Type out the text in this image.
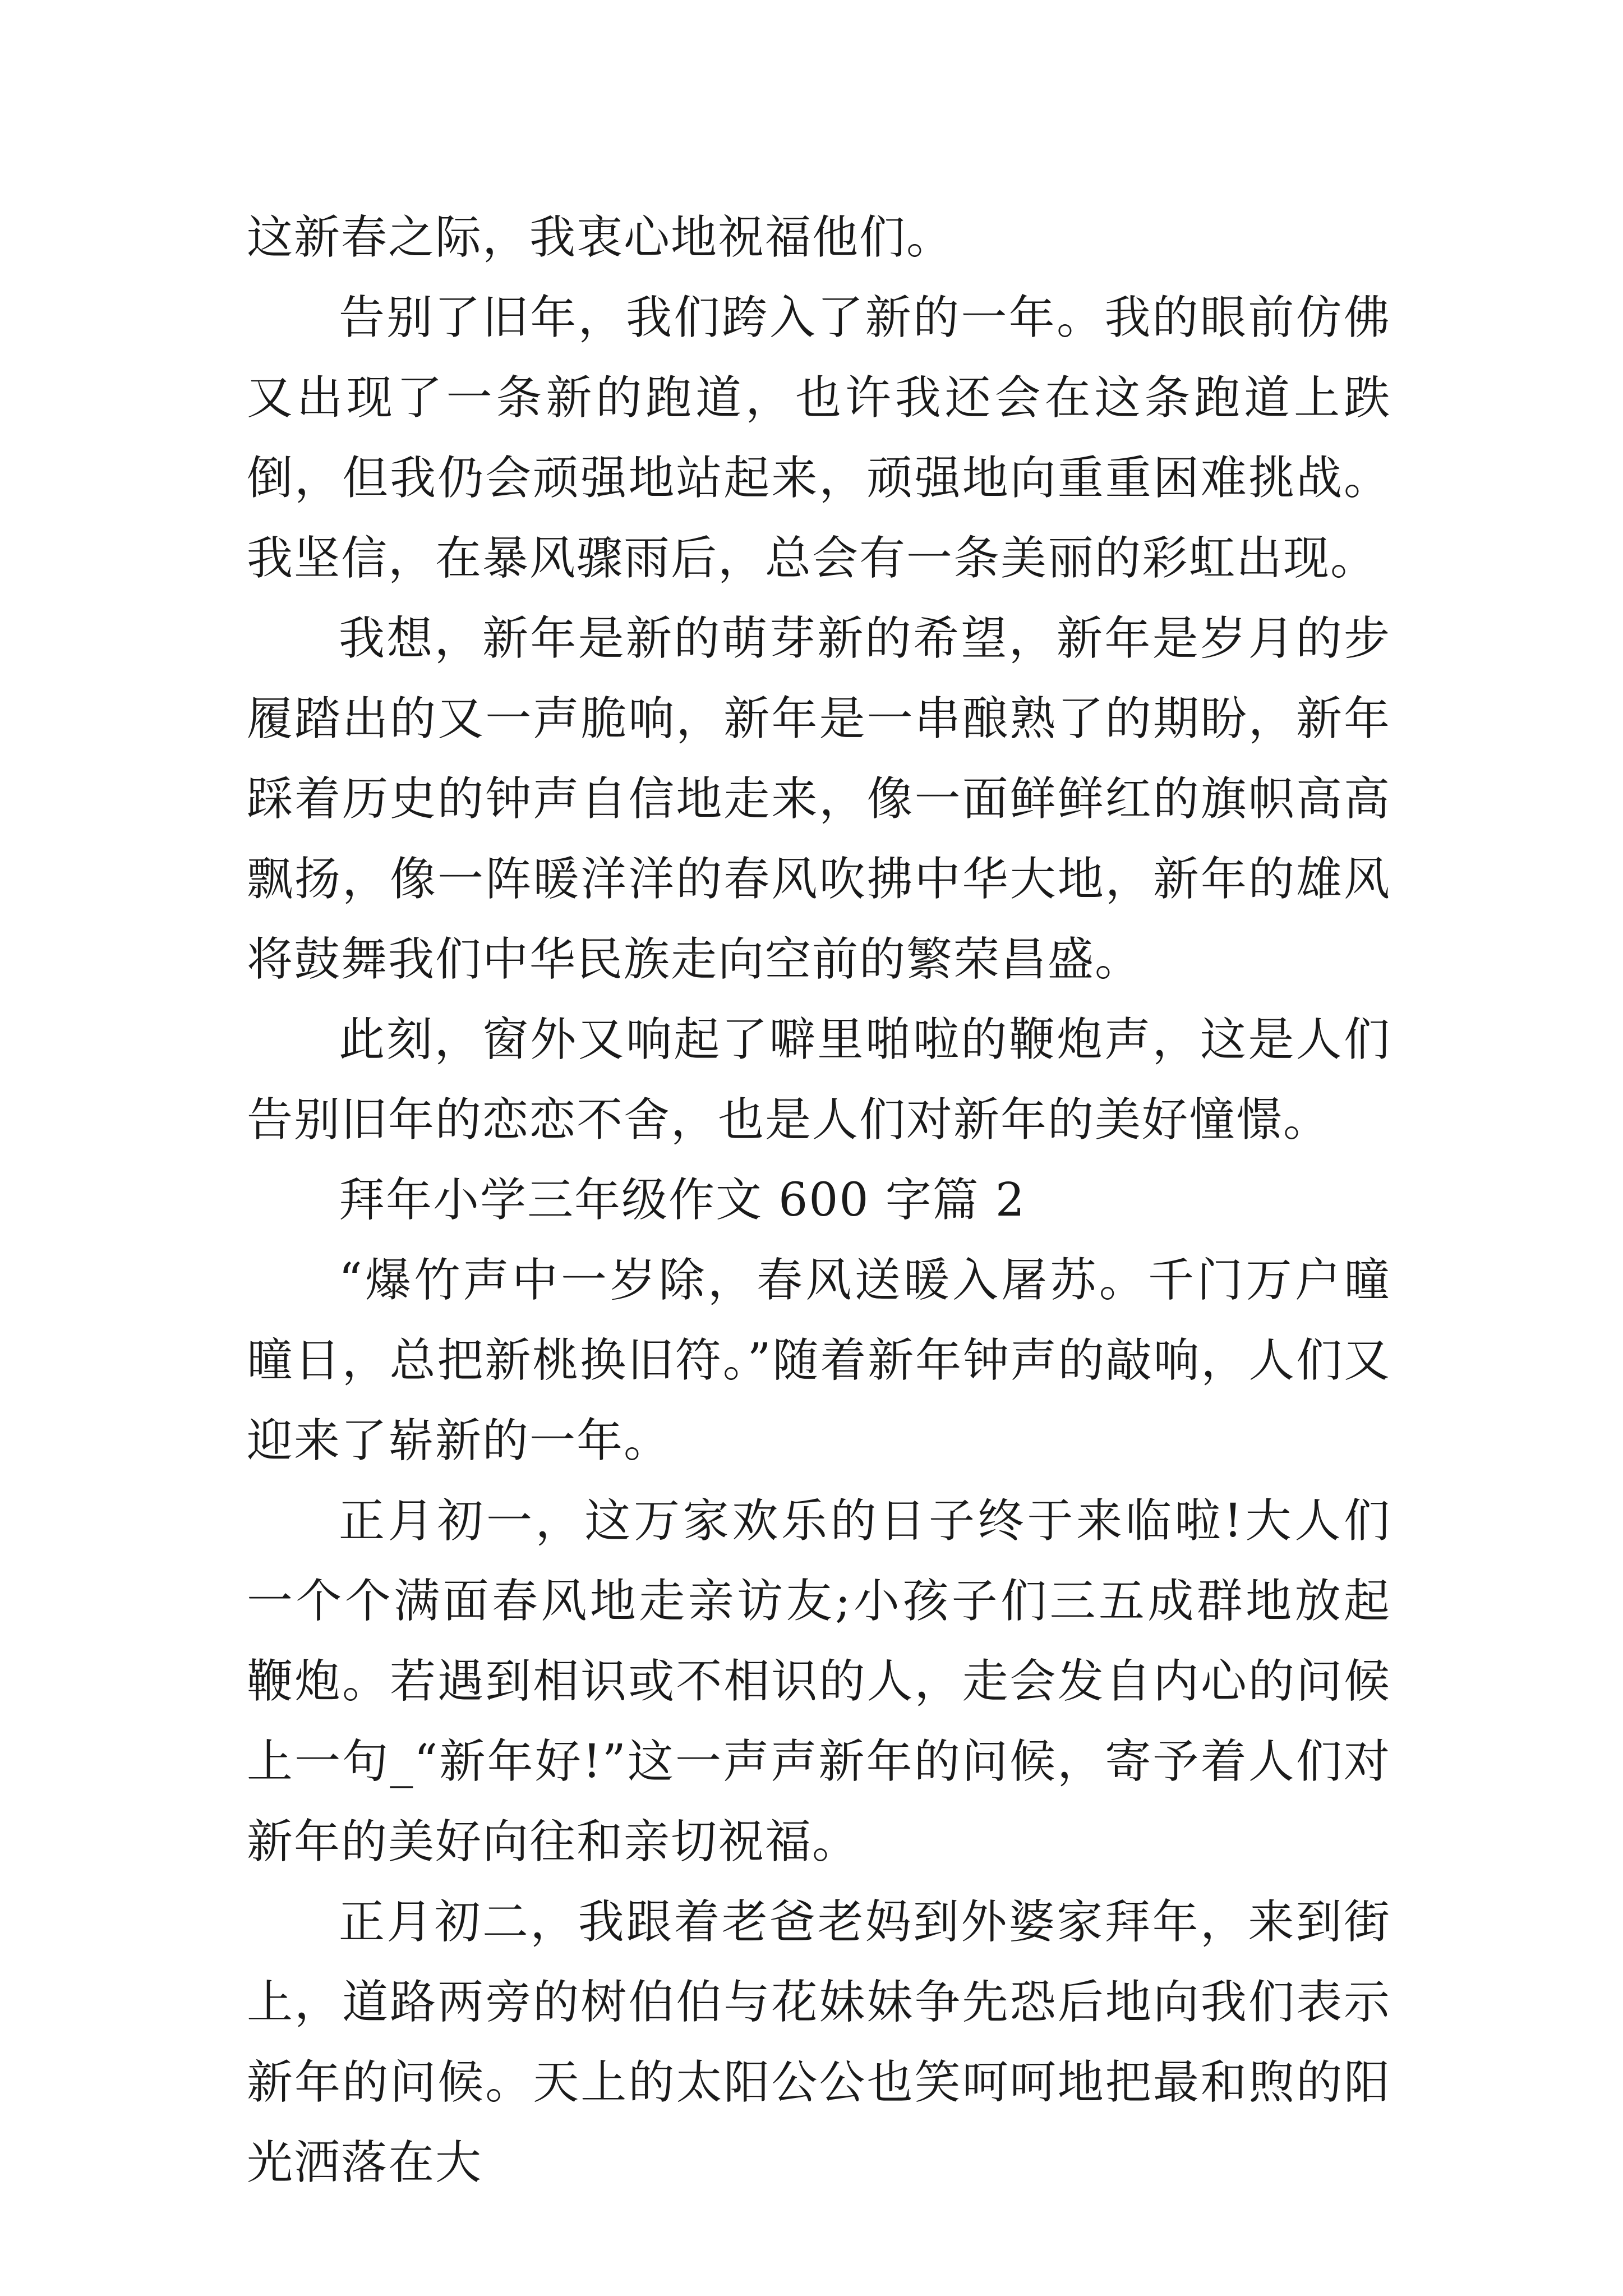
这新春之际，我衷心地祝福他们。

告别了旧年，我们跨入了新的一年。我的眼前仿佛又出现了一条新的跑道，也许我还会在这条跑道上跌倒，但我仍会顽强地站起来，顽强地向重重困难挑战。我坚信，在暴风骤雨后，总会有一条美丽的彩虹出现。

我想，新年是新的萌芽新的希望，新年是岁月的步履踏出的又一声脆响，新年是一串酿熟了的期盼，新年踩着历史的钟声自信地走来，像一面鲜鲜红的旗帜高高飘扬，像一阵暖洋洋的春风吹拂中华大地，新年的雄风将鼓舞我们中华民族走向空前的繁荣昌盛。

此刻，窗外又响起了噼里啪啦的鞭炮声，这是人们告别旧年的恋恋不舍，也是人们对新年的美好憧憬。

拜年小学三年级作文 600 字篇 2

“爆竹声中一岁除，春风送暖入屠苏。千门万户曈曈日，总把新桃换旧符。”随着新年钟声的敲响，人们又迎来了崭新的一年。

正月初一，这万家欢乐的日子终于来临啦!大人们一个个满面春风地走亲访友;小孩子们三五成群地放起鞭炮。若遇到相识或不相识的人，走会发自内心的问候上一句_“新年好!”这一声声新年的问候，寄予着人们对新年的美好向往和亲切祝福。

正月初二，我跟着老爸老妈到外婆家拜年，来到街上，道路两旁的树伯伯与花妹妹争先恐后地向我们表示新年的问候。天上的太阳公公也笑呵呵地把最和煦的阳光洒落在大
